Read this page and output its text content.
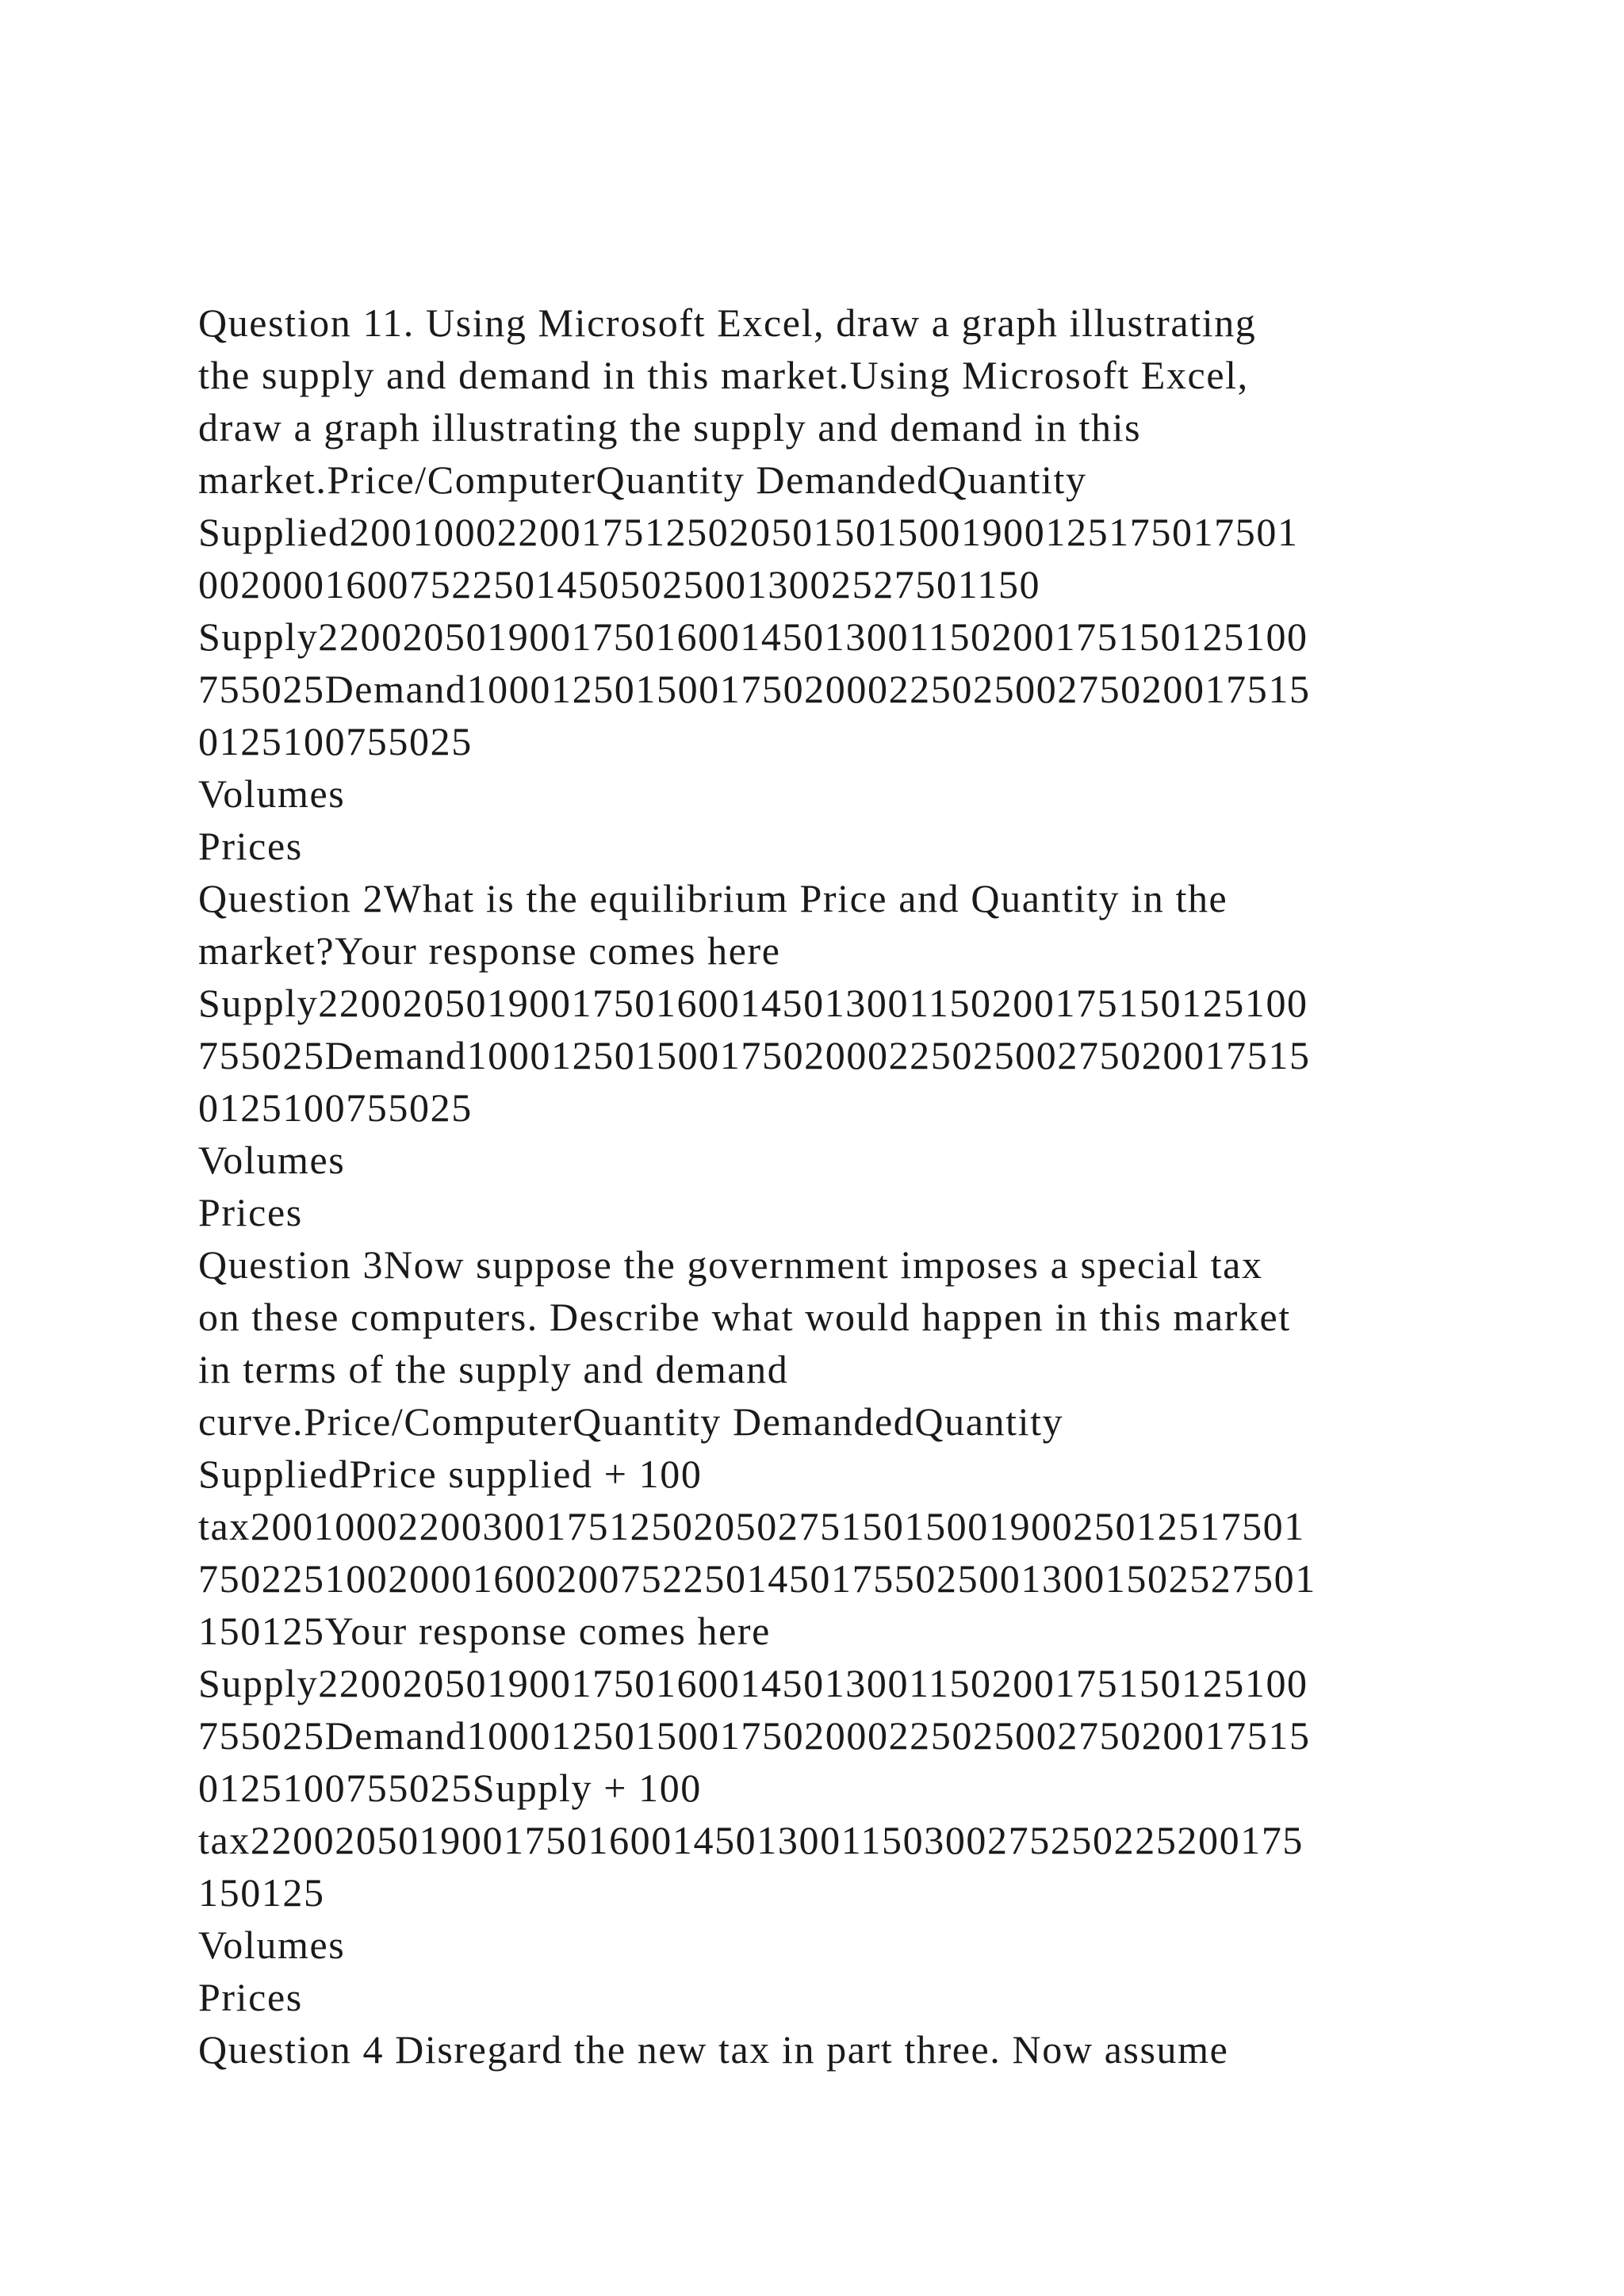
Question 11. Using Microsoft Excel, draw a graph illustrating
the supply and demand in this market.Using Microsoft Excel,
draw a graph illustrating the supply and demand in this
market.Price/ComputerQuantity DemandedQuantity
Supplied2001000220017512502050150150019001251750175​01
002000160075225014505025001300252​7501150
Supply220020501900175016001450130011502001751501251​00
755025Demand100012501500175020002250250027502001751​5
0125100755025
Volumes
Prices
Question 2What is the equilibrium Price and Quantity in the
market?Your response comes here
Supply220020501900175016001450130011502001751501251​00
755025Demand100012501500175020002250250027502001751​5
0125100755025
Volumes
Prices
Question 3Now suppose the government imposes a special tax
on these computers. Describe what would happen in this market
in terms of the supply and demand
curve.Price/ComputerQuantity DemandedQuantity
SuppliedPrice supplied + 100
tax2001000220030017512502050275150150019002501251750​1
750225100200016002007522501450175502500130015025275​01
150125Your response comes here
Supply220020501900175016001450130011502001751501251​00
755025Demand100012501500175020002250250027502001751​5
0125100755025Supply + 100
tax22002050190017501600145013001150300275250225200​175
150125
Volumes
Prices
Question 4 Disregard the new tax in part three. Now assume
